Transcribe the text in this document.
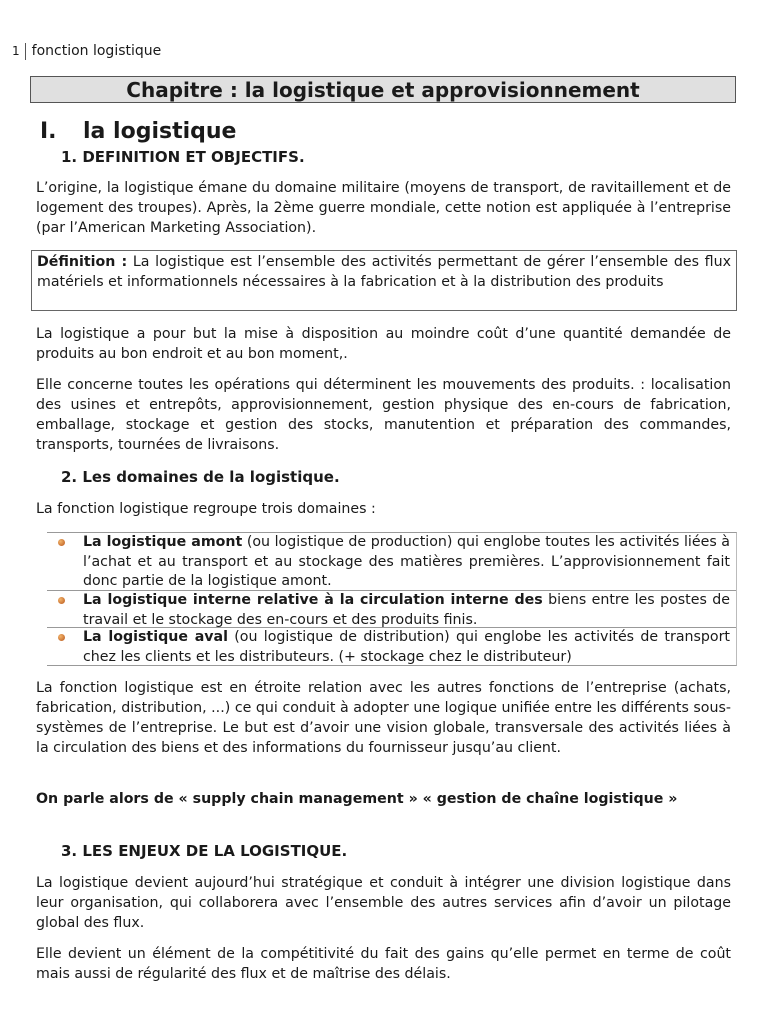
1 fonction logistique
Chapitre : la logistique et approvisionnement
I. la logistique
1. DEFINITION ET OBJECTIFS.

L’origine, la logistique émane du domaine militaire (moyens de transport, de ravitaillement et de logement des troupes). Après, la 2ème guerre mondiale, cette notion est appliquée à l’entreprise (par l’American Marketing Association).

Définition : La logistique est l’ensemble des activités permettant de gérer l’ensemble des flux matériels et informationnels nécessaires à la fabrication et à la distribution des produits

La logistique a pour but la mise à disposition au moindre coût d’une quantité demandée de produits au bon endroit et au bon moment,.

Elle concerne toutes les opérations qui déterminent les mouvements des produits. : localisation des usines et entrepôts, approvisionnement, gestion physique des en-cours de fabrication, emballage, stockage et gestion des stocks, manutention et préparation des commandes, transports, tournées de livraisons.

2. Les domaines de la logistique.

La fonction logistique regroupe trois domaines :

La logistique amont (ou logistique de production) qui englobe toutes les activités liées à l’achat et au transport et au stockage des matières premières. L’approvisionnement fait donc partie de la logistique amont.
La logistique interne relative à la circulation interne des biens entre les postes de travail et le stockage des en-cours et des produits finis.
La logistique aval (ou logistique de distribution) qui englobe les activités de transport chez les clients et les distributeurs. (+ stockage chez le distributeur)

La fonction logistique est en étroite relation avec les autres fonctions de l’entreprise (achats, fabrication, distribution, ...) ce qui conduit à adopter une logique unifiée entre les différents sous-systèmes de l’entreprise. Le but est d’avoir une vision globale, transversale des activités liées à la circulation des biens et des informations du fournisseur jusqu’au client.

On parle alors de « supply chain management » « gestion de chaîne logistique »

3. LES ENJEUX DE LA LOGISTIQUE.

La logistique devient aujourd’hui stratégique et conduit à intégrer une division logistique dans leur organisation, qui collaborera avec l’ensemble des autres services afin d’avoir un pilotage global des flux.

Elle devient un élément de la compétitivité du fait des gains qu’elle permet en terme de coût mais aussi de régularité des flux et de maîtrise des délais.
